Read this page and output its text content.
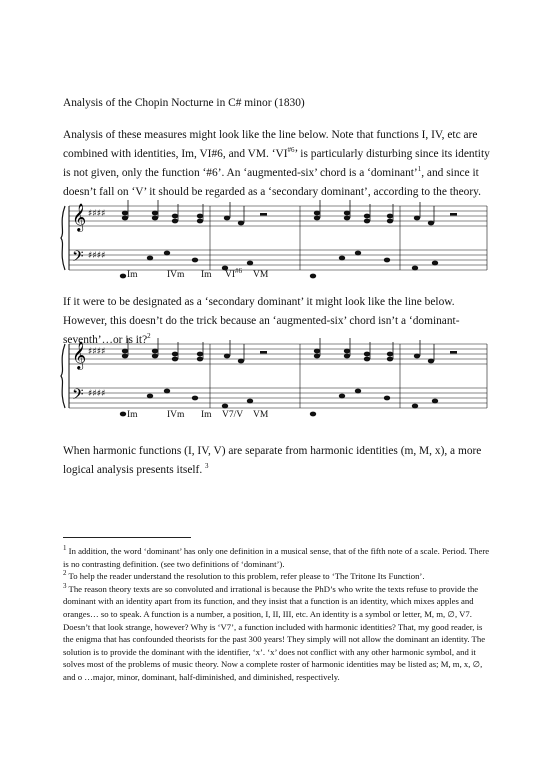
Analysis of the Chopin Nocturne in C# minor (1830)
Analysis of these measures might look like the line below. Note that functions I, IV, etc are combined with identities, Im, VI#6, and VM. ‘VI$^{\#6}$’ is particularly disturbing since its identity is not given, only the function ‘#6’. An ‘augmented-six’ chord is a ‘dominant’$^1$, and since it doesn’t fall on ‘V’ it should be regarded as a ‘secondary dominant’, according to the theory.
𝄞
𝄢
♯♯♯♯
♯♯♯♯
Im	IVm Im VI$^{\#6}$ VM
If it were to be designated as a ‘secondary dominant’ it might look like the line below. However, this doesn’t do the trick because an ‘augmented-six’ chord isn’t a ‘dominant-seventh’…or is it?$^2$
𝄞
𝄢
♯♯♯♯
♯♯♯♯
Im	IVm Im V7/V VM
When harmonic functions (I, IV, V) are separate from harmonic identities (m, M, x), a more logical analysis presents itself. $^3$

$^1$ In addition, the word ‘dominant’ has only one definition in a musical sense, that of the fifth note of a scale. Period. There is no contrasting definition. (see two definitions of ‘dominant’).

$^2$ To help the reader understand the resolution to this problem, refer please to ‘The Tritone Its Function’.

$^3$ The reason theory texts are so convoluted and irrational is because the PhD’s who write the texts refuse to provide the dominant with an identity apart from its function, and they insist that a function is an identity, which mixes apples and oranges… so to speak. A function is a number, a position, I, II, III, etc. An identity is a symbol or letter, M, m, ∅, V7. Doesn’t that look strange, however? Why is ‘V7’, a function included with harmonic identities? That, my good reader, is the enigma that has confounded theorists for the past 300 years! They simply will not allow the dominant an identity. The solution is to provide the dominant with the identifier, ‘x’. ‘x’ does not conflict with any other harmonic symbol, and it solves most of the problems of music theory. Now a complete roster of harmonic identities may be listed as; M, m, x, ∅, and o …major, minor, dominant, half-diminished, and diminished, respectively.
